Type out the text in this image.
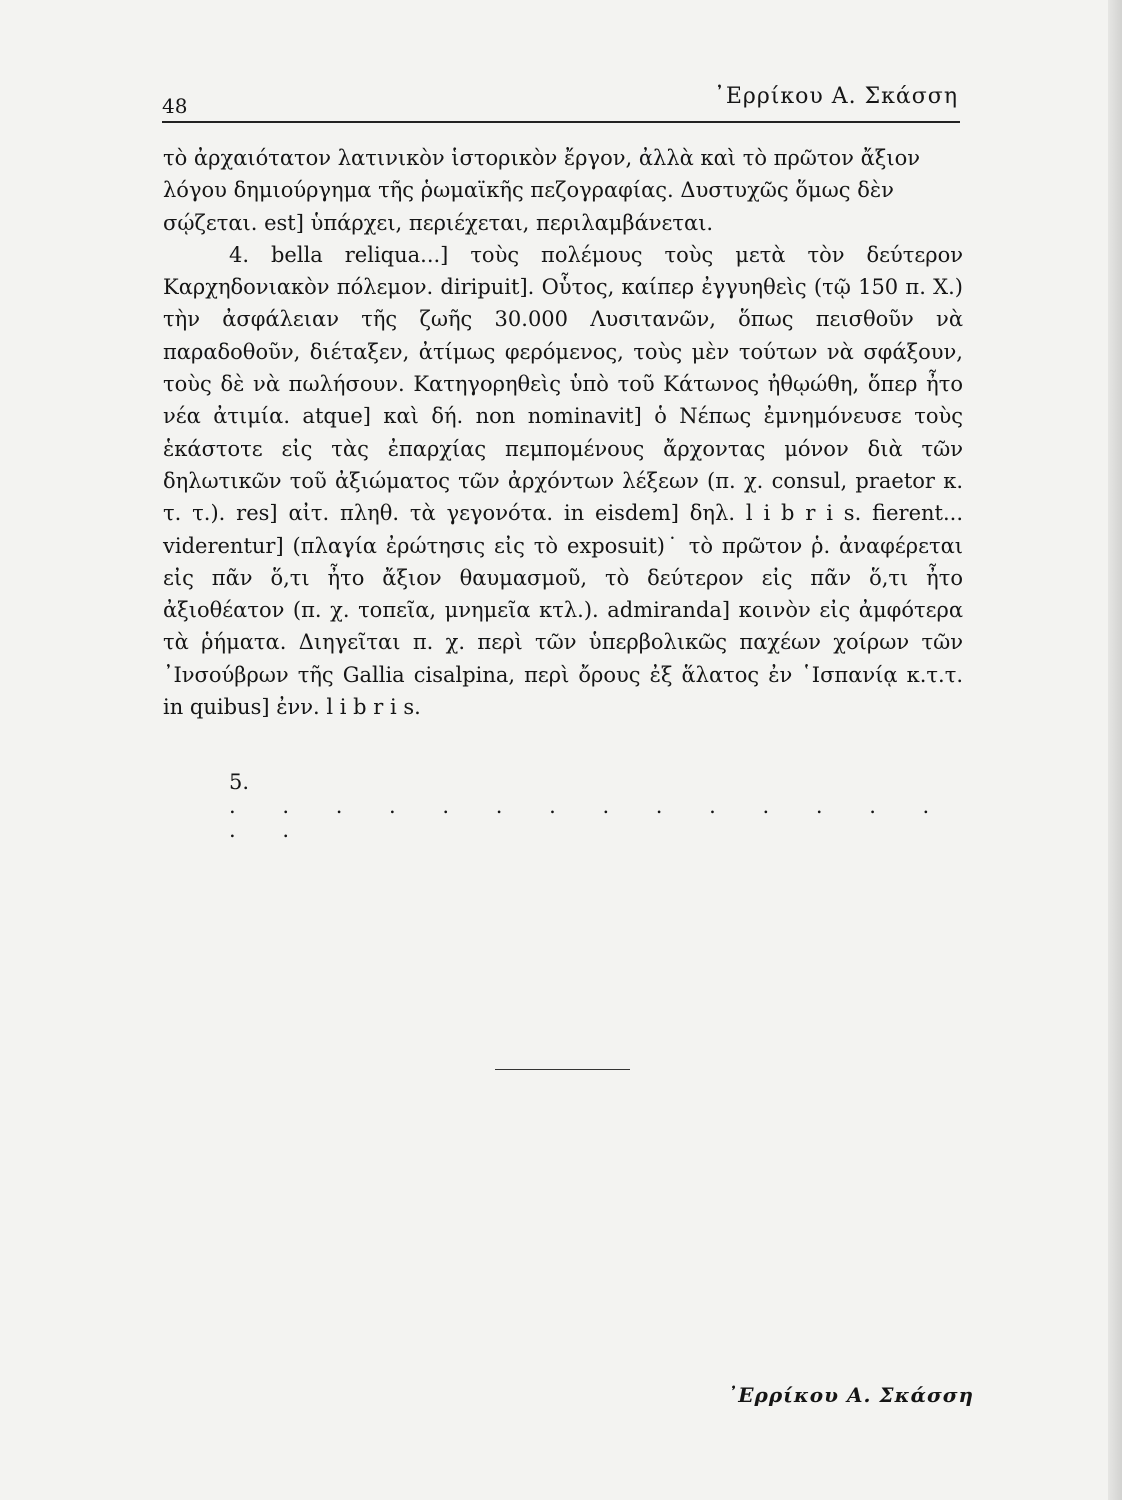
48	᾿Ερρίκου Α. Σκάσση

τὸ ἀρχαιότατον λατινικὸν ἱστορικὸν ἔργον, ἀλλὰ καὶ τὸ πρῶτον ἄξιον

λόγου δημιούργημα τῆς ῥωμαϊκῆς πεζογραφίας. Δυστυχῶς ὅμως δὲν

σῴζεται. est] ὑπάρχει, περιέχεται, περιλαμβάνεται.

4. bella reliqua...] τοὺς πολέμους τοὺς μετὰ τὸν δεύτερον Καρχηδονιακὸν πόλεμον. diripuit]. Οὗτος, καίπερ ἐγγυηθεὶς (τῷ 150 π. Χ.) τὴν ἀσφάλειαν τῆς ζωῆς 30.000 Λυσιτανῶν, ὅπως πεισθοῦν νὰ παραδοθοῦν, διέταξεν, ἀτίμως φερόμενος, τοὺς μὲν τούτων νὰ σφάξουν, τοὺς δὲ νὰ πωλήσουν. Κατηγορηθεὶς ὑπὸ τοῦ Κάτωνος ἠθῳώθη, ὅπερ ἦτο νέα ἀτιμία. atque] καὶ δή. non nominavit] ὁ Νέπως ἐμνημόνευσε τοὺς ἑκάστοτε εἰς τὰς ἐπαρχίας πεμπομένους ἄρχοντας μόνον διὰ τῶν δηλωτικῶν τοῦ ἀξιώματος τῶν ἀρχόντων λέξεων (π. χ. consul, praetor κ. τ. τ.). res] αἰτ. πληθ. τὰ γεγονότα. in eisdem] δηλ. l i b r i s. fierent... viderentur] (πλαγία ἐρώτησις εἰς τὸ exposuit)˙ τὸ πρῶτον ῥ. ἀναφέρεται εἰς πᾶν ὅ,τι ἦτο ἄξιον θαυμασμοῦ, τὸ δεύτερον εἰς πᾶν ὅ,τι ἦτο ἀξιοθέατον (π. χ. τοπεῖα, μνημεῖα κτλ.). admiranda] κοινὸν εἰς ἀμφότερα τὰ ῥήματα. Διηγεῖται π. χ. περὶ τῶν ὑπερβολικῶς παχέων χοίρων τῶν ᾿Ινσούβρων τῆς Gallia cisalpina, περὶ ὄρους ἐξ ἅλατος ἐν ῾Ισπανίᾳ κ.τ.τ. in quibus] ἐνν. l i b r i s.

5. . . . . . . . . . . . . . . . .
᾿Ερρίκου Α. Σκάσση
